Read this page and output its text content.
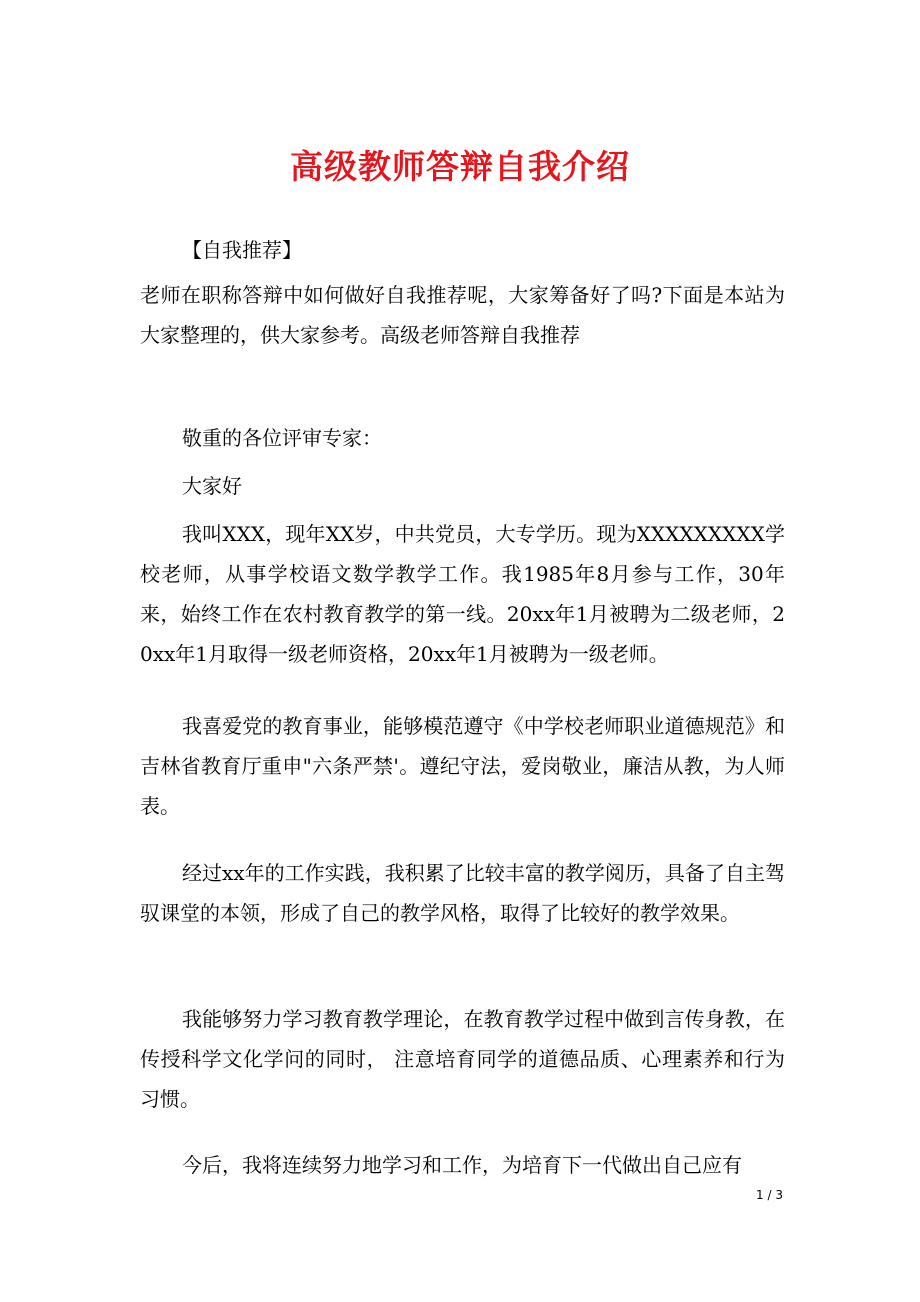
高级教师答辩自我介绍
【自我推荐】
老师在职称答辩中如何做好自我推荐呢，大家筹备好了吗?下面是本站为大家整理的，供大家参考。高级老师答辩自我推荐
敬重的各位评审专家：
大家好
我叫XXX，现年XX岁，中共党员，大专学历。现为XXXXXXXXX学校老师，从事学校语文数学教学工作。我1985年8月参与工作，30年来，始终工作在农村教育教学的第一线。20xx年1月被聘为二级老师，20xx年1月取得一级老师资格，20xx年1月被聘为一级老师。
我喜爱党的教育事业，能够模范遵守《中学校老师职业道德规范》和吉林省教育厅重申"六条严禁'。遵纪守法，爱岗敬业，廉洁从教，为人师表。
经过xx年的工作实践，我积累了比较丰富的教学阅历，具备了自主驾驭课堂的本领，形成了自己的教学风格，取得了比较好的教学效果。
我能够努力学习教育教学理论，在教育教学过程中做到言传身教，在传授科学文化学问的同时， 注意培育同学的道德品质、心理素养和行为习惯。
今后，我将连续努力地学习和工作，为培育下一代做出自己应有
1 / 3
